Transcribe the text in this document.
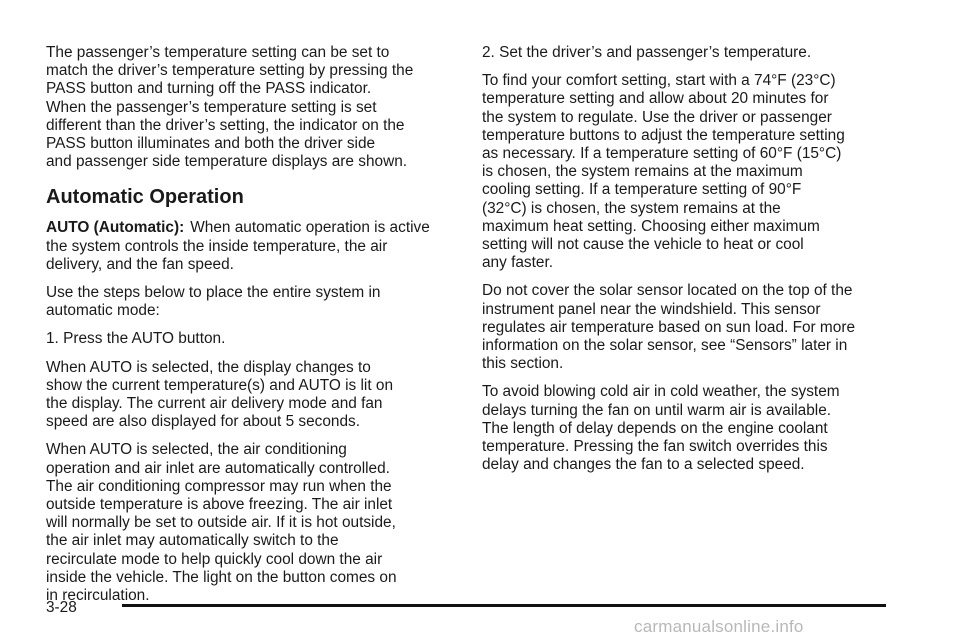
The passenger’s temperature setting can be set to
match the driver’s temperature setting by pressing the
PASS button and turning off the PASS indicator.
When the passenger’s temperature setting is set
different than the driver’s setting, the indicator on the
PASS button illuminates and both the driver side
and passenger side temperature displays are shown.

Automatic Operation

AUTO (Automatic): When automatic operation is active
the system controls the inside temperature, the air
delivery, and the fan speed.

Use the steps below to place the entire system in
automatic mode:

1. Press the AUTO button.

When AUTO is selected, the display changes to
show the current temperature(s) and AUTO is lit on
the display. The current air delivery mode and fan
speed are also displayed for about 5 seconds.

When AUTO is selected, the air conditioning
operation and air inlet are automatically controlled.
The air conditioning compressor may run when the
outside temperature is above freezing. The air inlet
will normally be set to outside air. If it is hot outside,
the air inlet may automatically switch to the
recirculate mode to help quickly cool down the air
inside the vehicle. The light on the button comes on
in recirculation.

2. Set the driver’s and passenger’s temperature.

To find your comfort setting, start with a 74°F (23°C)
temperature setting and allow about 20 minutes for
the system to regulate. Use the driver or passenger
temperature buttons to adjust the temperature setting
as necessary. If a temperature setting of 60°F (15°C)
is chosen, the system remains at the maximum
cooling setting. If a temperature setting of 90°F
(32°C) is chosen, the system remains at the
maximum heat setting. Choosing either maximum
setting will not cause the vehicle to heat or cool
any faster.

Do not cover the solar sensor located on the top of the
instrument panel near the windshield. This sensor
regulates air temperature based on sun load. For more
information on the solar sensor, see “Sensors” later in
this section.

To avoid blowing cold air in cold weather, the system
delays turning the fan on until warm air is available.
The length of delay depends on the engine coolant
temperature. Pressing the fan switch overrides this
delay and changes the fan to a selected speed.

3-28
carmanualsonline.info
